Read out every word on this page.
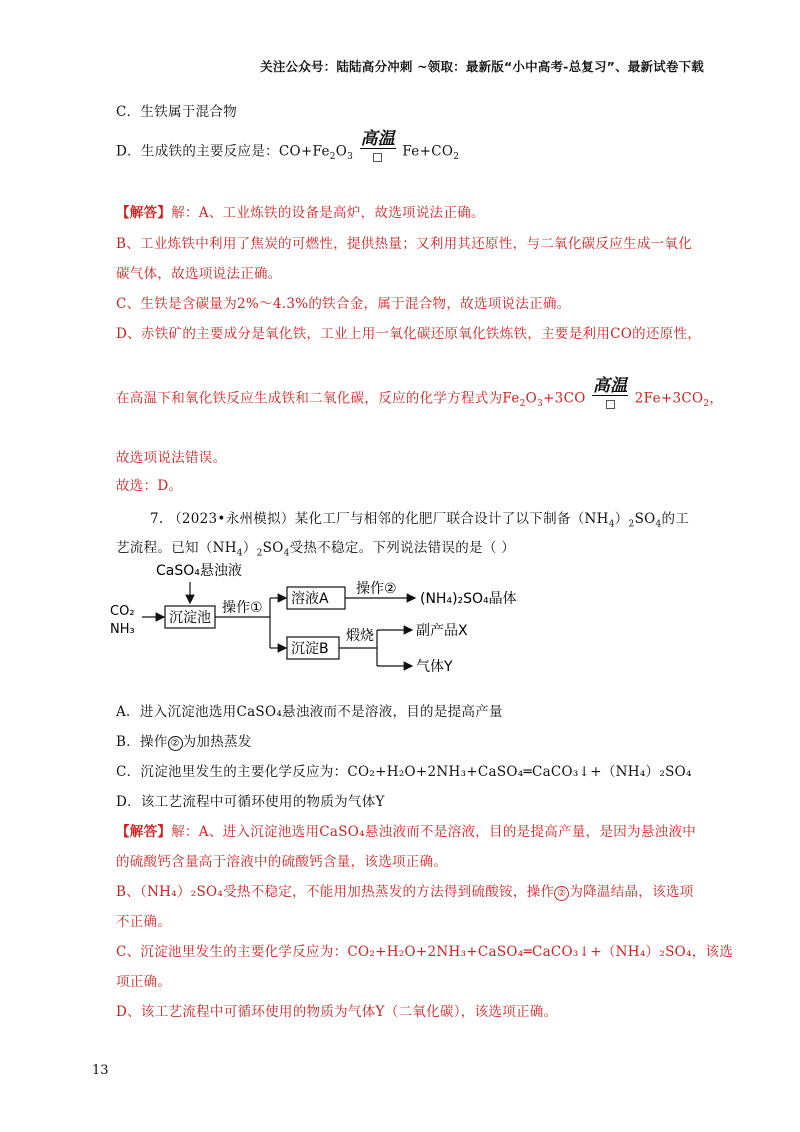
关注公众号：陆陆高分冲刺 ~领取：最新版“小中高考-总复习”、最新试卷下载
C．生铁属于混合物
D．生成铁的主要反应是：$CO+Fe_2O_3$
高温
$Fe+CO_2$
【解答】解：A、工业炼铁的设备是高炉，故选项说法正确。
B、工业炼铁中利用了焦炭的可燃性，提供热量；又利用其还原性，与二氧化碳反应生成一氧化
碳气体，故选项说法正确。
C、生铁是含碳量为2%～4.3%的铁合金，属于混合物，故选项说法正确。
D、赤铁矿的主要成分是氧化铁，工业上用一氧化碳还原氧化铁炼铁，主要是利用CO的还原性，
在高温下和氧化铁反应生成铁和二氧化碳，反应的化学方程式为$Fe_2O_3+3CO$
高温
$2Fe+3CO_2$，
故选项说法错误。
故选：D。
7. （2023•永州模拟）某化工厂与相邻的化肥厂联合设计了以下制备$(NH_4)_2SO_4$的工
艺流程。已知$(NH_4)_2SO_4$受热不稳定。下列说法错误的是（ ）
CaSO₄悬浊液
CO₂
NH₃
沉淀池
操作①
溶液A
操作②
(NH₄)₂SO₄晶体
沉淀B
煅烧	副产品X
气体Y
A．进入沉淀池选用CaSO₄悬浊液而不是溶液，目的是提高产量
B．操作 ② 为加热蒸发
C．沉淀池里发生的主要化学反应为：CO₂+H₂O+2NH₃+CaSO₄═CaCO₃↓+（NH₄）₂SO₄
D．该工艺流程中可循环使用的物质为气体Y
【解答】解：A、进入沉淀池选用CaSO₄悬浊液而不是溶液，目的是提高产量，是因为悬浊液中
的硫酸钙含量高于溶液中的硫酸钙含量，该选项正确。
B、（NH₄）₂SO₄受热不稳定，不能用加热蒸发的方法得到硫酸铵，操作 ② 为降温结晶，该选项
不正确。
C、沉淀池里发生的主要化学反应为：CO₂+H₂O+2NH₃+CaSO₄═CaCO₃↓+（NH₄）₂SO₄，该选
项正确。
D、该工艺流程中可循环使用的物质为气体Y（二氧化碳），该选项正确。
13
